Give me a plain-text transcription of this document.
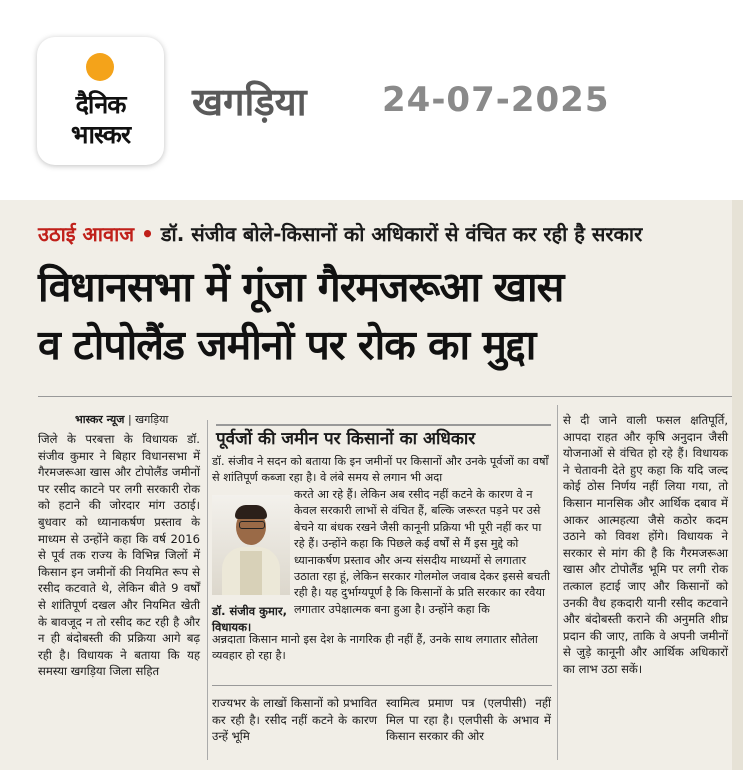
दैनिक
भास्कर
खगड़िया 24-07-2025
उठाई आवाज • डॉ. संजीव बोले-किसानों को अधिकारों से वंचित कर रही है सरकार
विधानसभा में गूंजा गैरमजरूआ खास
व टोपोलैंड जमीनों पर रोक का मुद्दा
भास्कर न्यूज | खगड़िया
जिले के परबत्ता के विधायक डॉ. संजीव कुमार ने बिहार विधानसभा में गैरमजरूआ खास और टोपोलैंड जमीनों पर रसीद काटने पर लगी सरकारी रोक को हटाने की जोरदार मांग उठाई। बुधवार को ध्यानाकर्षण प्रस्ताव के माध्यम से उन्होंने कहा कि वर्ष 2016 से पूर्व तक राज्य के विभिन्न जिलों में किसान इन जमीनों की नियमित रूप से रसीद कटवाते थे, लेकिन बीते 9 वर्षों से शांतिपूर्ण दखल और नियमित खेती के बावजूद न तो रसीद कट रही है और न ही बंदोबस्ती की प्रक्रिया आगे बढ़ रही है। विधायक ने बताया कि यह समस्या खगड़िया जिला सहित
पूर्वजों की जमीन पर किसानों का अधिकार
डॉ. संजीव ने सदन को बताया कि इन जमीनों पर किसानों और उनके पूर्वजों का वर्षों से शांतिपूर्ण कब्जा रहा है। वे लंबे समय से लगान भी अदा
करते आ रहे हैं। लेकिन अब रसीद नहीं कटने के कारण वे न केवल सरकारी लाभों से वंचित हैं, बल्कि जरूरत पड़ने पर उसे बेचने या बंधक रखने जैसी कानूनी प्रक्रिया भी पूरी नहीं कर पा रहे हैं। उन्होंने कहा कि पिछले कई वर्षों से मैं इस मुद्दे को ध्यानाकर्षण प्रस्ताव और अन्य संसदीय माध्यमों से लगातार उठाता रहा हूं, लेकिन सरकार गोलमोल जवाब देकर इससे बचती रही है। यह दुर्भाग्यपूर्ण है कि किसानों के प्रति सरकार का रवैया लगातार उपेक्षात्मक बना हुआ है। उन्होंने कहा कि
डॉ. संजीव कुमार,
विधायक।
अन्नदाता किसान मानो इस देश के नागरिक ही नहीं हैं, उनके साथ लगातार सौतेला व्यवहार हो रहा है।
राज्यभर के लाखों किसानों को प्रभावित कर रही है। रसीद नहीं कटने के कारण उन्हें भूमि
स्वामित्व प्रमाण पत्र (एलपीसी) नहीं मिल पा रहा है। एलपीसी के अभाव में किसान सरकार की ओर
से दी जाने वाली फसल क्षतिपूर्ति, आपदा राहत और कृषि अनुदान जैसी योजनाओं से वंचित हो रहे हैं। विधायक ने चेतावनी देते हुए कहा कि यदि जल्द कोई ठोस निर्णय नहीं लिया गया, तो किसान मानसिक और आर्थिक दबाव में आकर आत्महत्या जैसे कठोर कदम उठाने को विवश होंगे। विधायक ने सरकार से मांग की है कि गैरमजरूआ खास और टोपोलैंड भूमि पर लगी रोक तत्काल हटाई जाए और किसानों को उनकी वैध हकदारी यानी रसीद कटवाने और बंदोबस्ती कराने की अनुमति शीघ्र प्रदान की जाए, ताकि वे अपनी जमीनों से जुड़े कानूनी और आर्थिक अधिकारों का लाभ उठा सकें।
